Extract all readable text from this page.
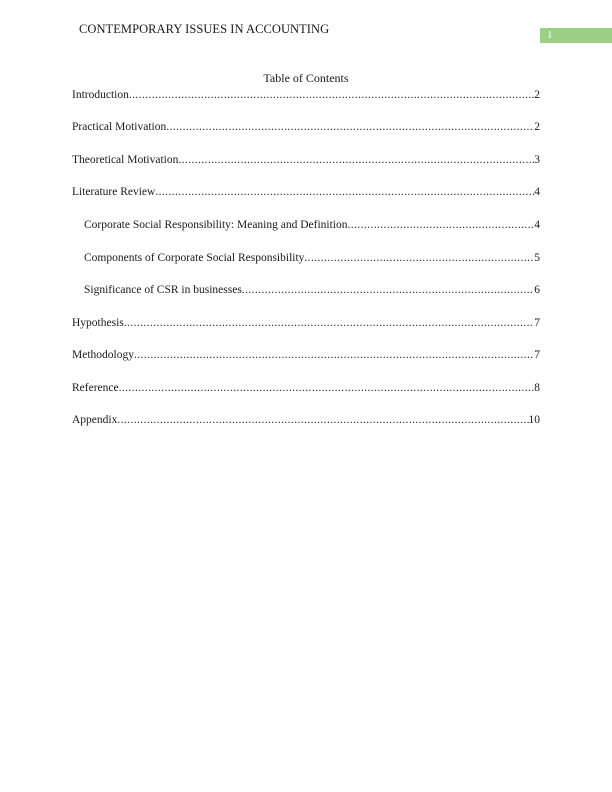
CONTEMPORARY ISSUES IN ACCOUNTING	1
Table of Contents
Introduction .....	2
Practical Motivation .....	2
Theoretical Motivation .....	3
Literature Review .....	4
Corporate Social Responsibility: Meaning and Definition .....	4
Components of Corporate Social Responsibility .....	5
Significance of CSR in businesses .....	6
Hypothesis .....	7
Methodology .....	7
Reference .....	8
Appendix .....	10
